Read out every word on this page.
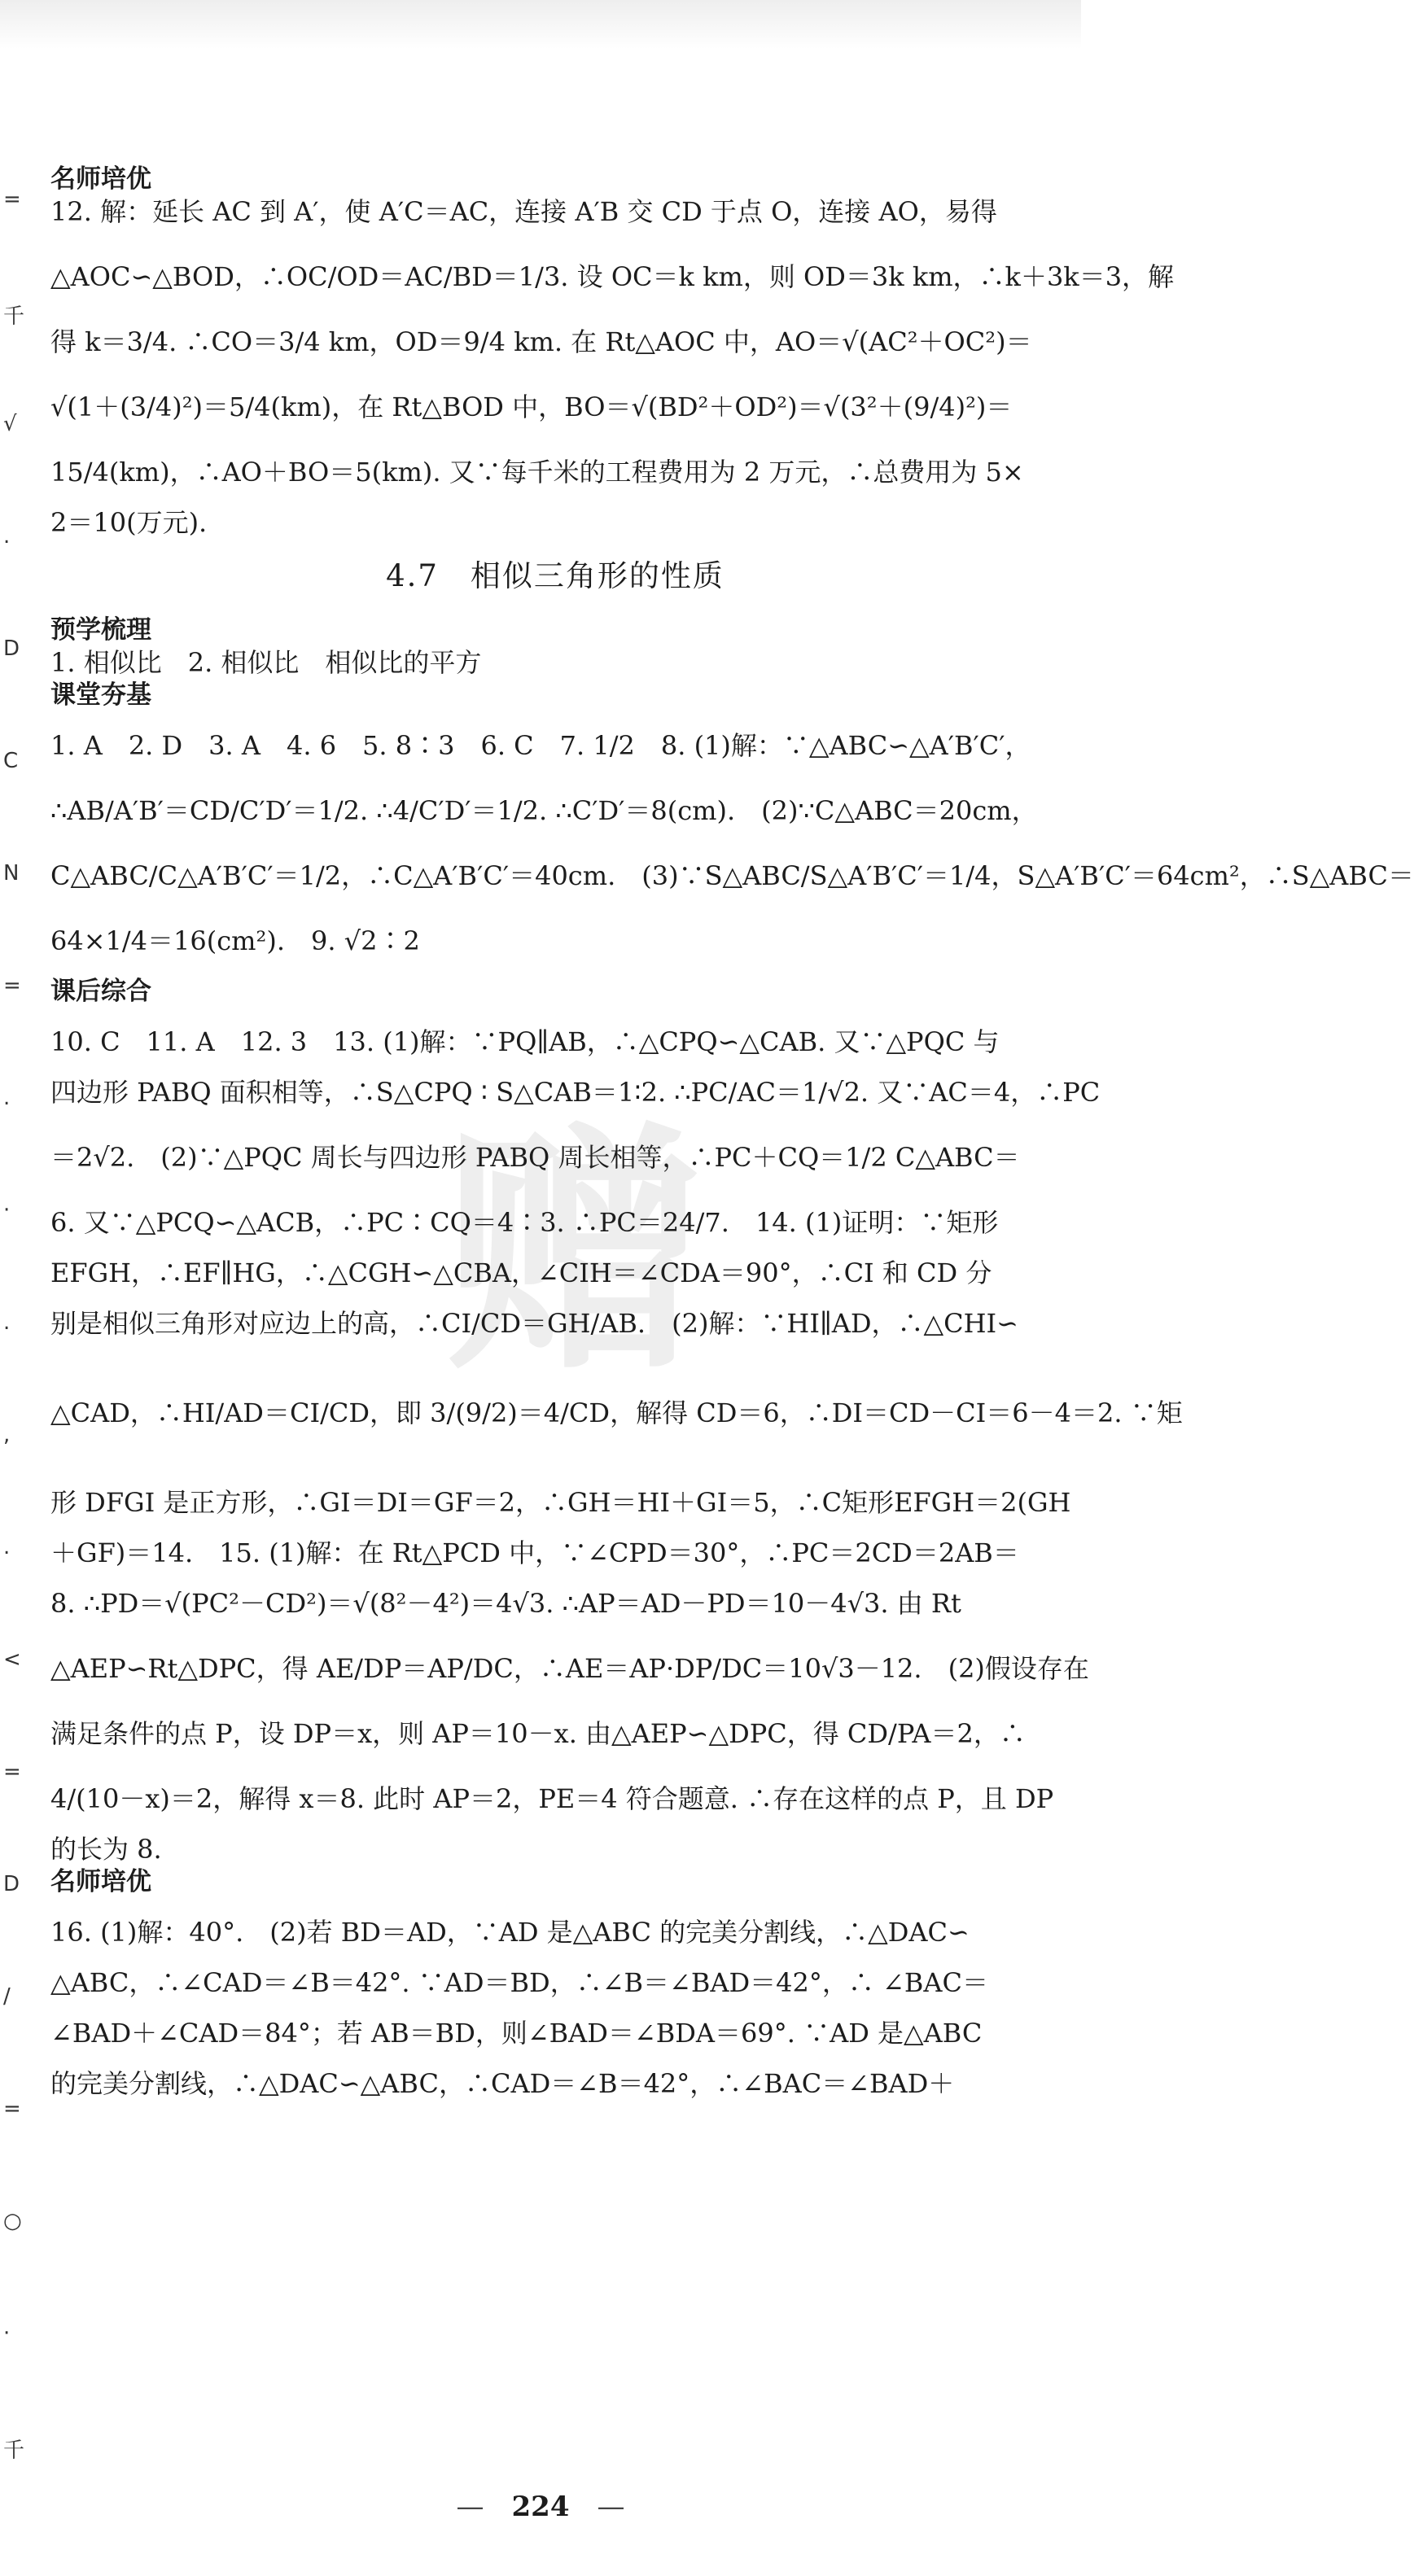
=
千
√
.
D
C
N
=
.
·
.
,
.
<
=
D
/
=
○
·
千
赠
名师培优
12. 解：延长 AC 到 A′，使 A′C＝AC，连接 A′B 交 CD 于点 O，连接 AO，易得
△AOC∽△BOD，∴OC/OD＝AC/BD＝1/3. 设 OC＝k km，则 OD＝3k km，∴k＋3k＝3，解
得 k＝3/4. ∴CO＝3/4 km，OD＝9/4 km. 在 Rt△AOC 中，AO＝√(AC²＋OC²)＝
√(1＋(3/4)²)＝5/4(km)，在 Rt△BOD 中，BO＝√(BD²＋OD²)＝√(3²＋(9/4)²)＝
15/4(km)，∴AO＋BO＝5(km). 又∵每千米的工程费用为 2 万元，∴总费用为 5×
2＝10(万元).
4.7　相似三角形的性质
预学梳理
1. 相似比　2. 相似比　相似比的平方
课堂夯基
1. A　2. D　3. A　4. 6　5. 8∶3　6. C　7. 1/2　8. (1)解：∵△ABC∽△A′B′C′，
∴AB/A′B′＝CD/C′D′＝1/2. ∴4/C′D′＝1/2. ∴C′D′＝8(cm).　(2)∵C△ABC＝20cm，
C△ABC/C△A′B′C′＝1/2，∴C△A′B′C′＝40cm.　(3)∵S△ABC/S△A′B′C′＝1/4，S△A′B′C′＝64cm²，∴S△ABC＝
64×1/4＝16(cm²).　9. √2∶2
课后综合
10. C　11. A　12. 3　13. (1)解：∵PQ∥AB，∴△CPQ∽△CAB. 又∵△PQC 与
四边形 PABQ 面积相等，∴S△CPQ ∶ S△CAB＝1∶2. ∴PC/AC＝1/√2. 又∵AC＝4，∴PC
＝2√2.　(2)∵△PQC 周长与四边形 PABQ 周长相等，∴PC＋CQ＝1/2 C△ABC＝
6. 又∵△PCQ∽△ACB，∴PC∶CQ＝4∶3. ∴PC＝24/7.　14. (1)证明：∵矩形
EFGH，∴EF∥HG，∴△CGH∽△CBA，∠CIH＝∠CDA＝90°，∴CI 和 CD 分
别是相似三角形对应边上的高，∴CI/CD＝GH/AB.　(2)解：∵HI∥AD，∴△CHI∽
△CAD，∴HI/AD＝CI/CD，即 3/(9/2)＝4/CD，解得 CD＝6，∴DI＝CD－CI＝6－4＝2. ∵矩
形 DFGI 是正方形，∴GI＝DI＝GF＝2，∴GH＝HI＋GI＝5，∴C矩形EFGH＝2(GH
＋GF)＝14.　15. (1)解：在 Rt△PCD 中，∵∠CPD＝30°，∴PC＝2CD＝2AB＝
8. ∴PD＝√(PC²－CD²)＝√(8²－4²)＝4√3. ∴AP＝AD－PD＝10－4√3. 由 Rt
△AEP∽Rt△DPC，得 AE/DP＝AP/DC，∴AE＝AP·DP/DC＝10√3－12.　(2)假设存在
满足条件的点 P，设 DP＝x，则 AP＝10－x. 由△AEP∽△DPC，得 CD/PA＝2，∴
4/(10－x)＝2，解得 x＝8. 此时 AP＝2，PE＝4 符合题意. ∴存在这样的点 P，且 DP
的长为 8.
名师培优
16. (1)解：40°.　(2)若 BD＝AD，∵AD 是△ABC 的完美分割线，∴△DAC∽
△ABC，∴∠CAD＝∠B＝42°. ∵AD＝BD，∴∠B＝∠BAD＝42°，∴ ∠BAC＝
∠BAD＋∠CAD＝84°；若 AB＝BD，则∠BAD＝∠BDA＝69°. ∵AD 是△ABC
的完美分割线，∴△DAC∽△ABC，∴CAD＝∠B＝42°，∴∠BAC＝∠BAD＋
—　224　—
